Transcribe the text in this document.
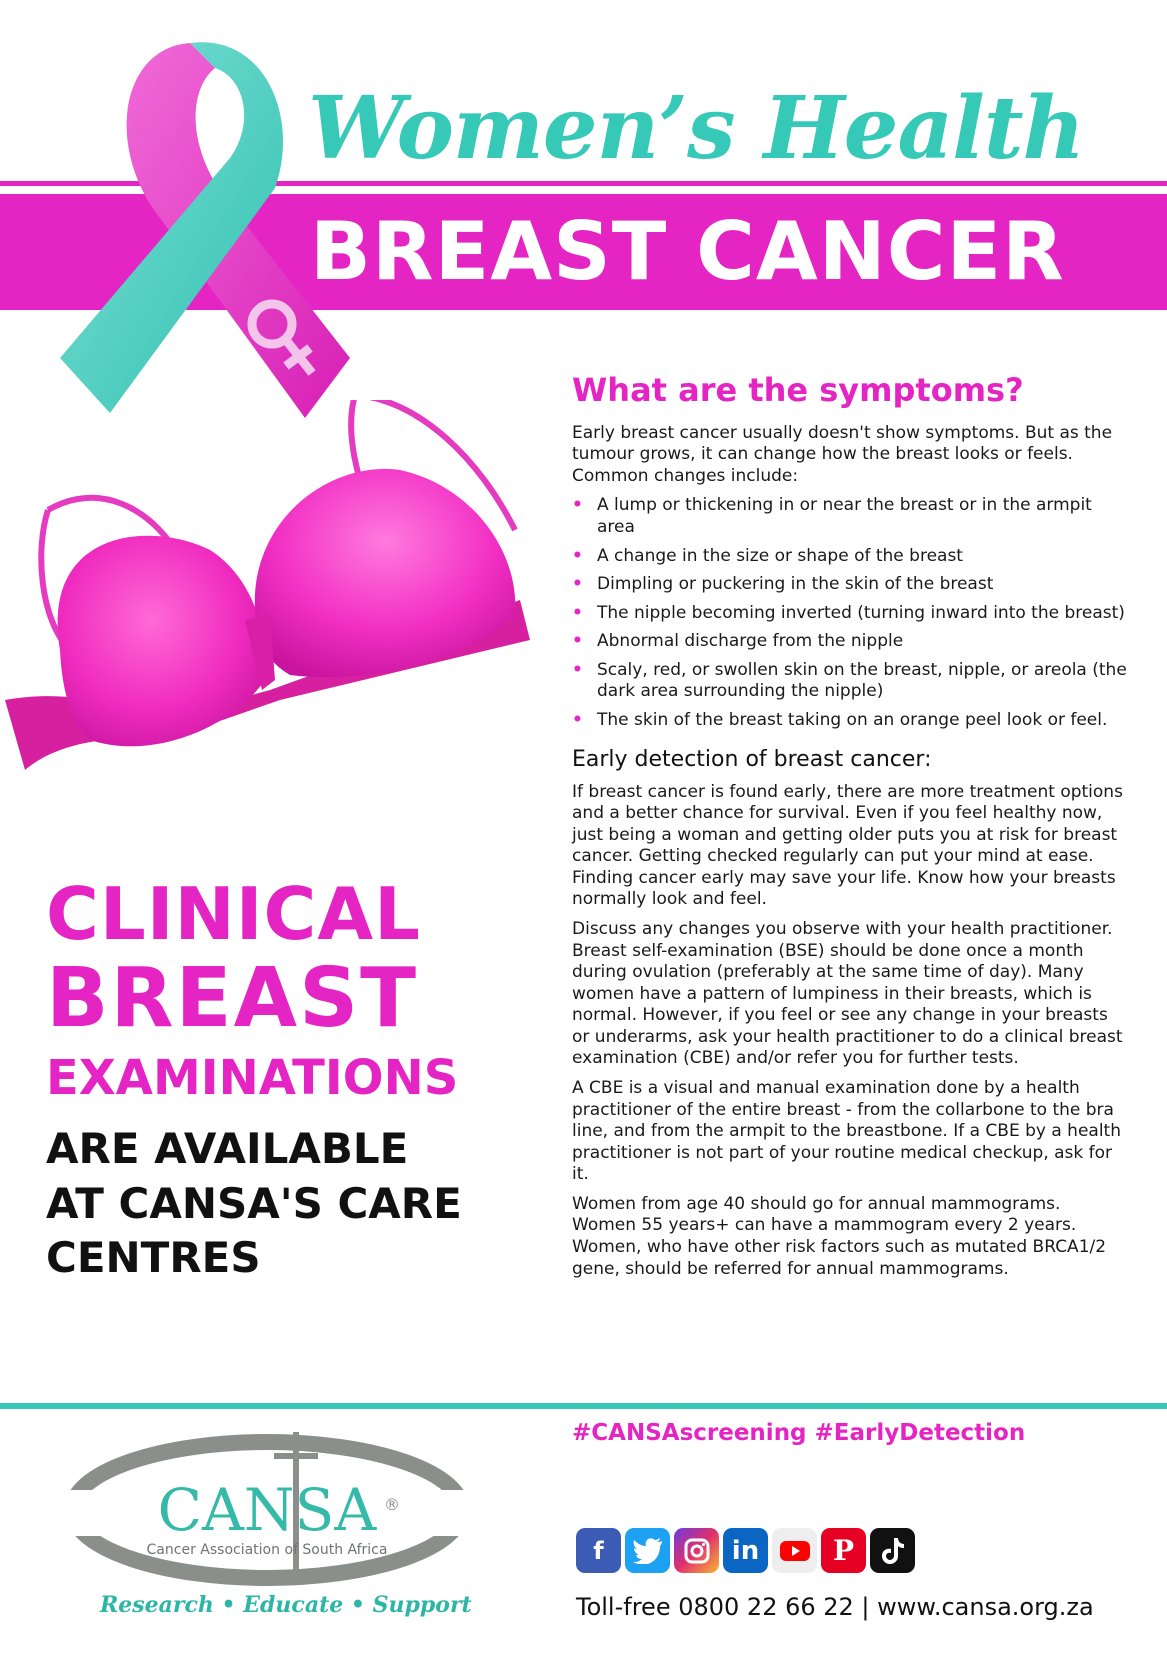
Women’s Health
BREAST CANCER
CLINICAL
BREAST
EXAMINATIONS
ARE AVAILABLE
AT CANSA'S CARE
CENTRES
What are the symptoms?

Early breast cancer usually doesn't show symptoms. But as the tumour grows, it can change how the breast looks or feels. Common changes include:

• A lump or thickening in or near the breast or in the armpit area
• A change in the size or shape of the breast
• Dimpling or puckering in the skin of the breast
• The nipple becoming inverted (turning inward into the breast)
• Abnormal discharge from the nipple
• Scaly, red, or swollen skin on the breast, nipple, or areola (the dark area surrounding the nipple)
• The skin of the breast taking on an orange peel look or feel.
Early detection of breast cancer:

If breast cancer is found early, there are more treatment options and a better chance for survival. Even if you feel healthy now, just being a woman and getting older puts you at risk for breast cancer. Getting checked regularly can put your mind at ease. Finding cancer early may save your life. Know how your breasts normally look and feel.

Discuss any changes you observe with your health practitioner. Breast self-examination (BSE) should be done once a month during ovulation (preferably at the same time of day). Many women have a pattern of lumpiness in their breasts, which is normal. However, if you feel or see any change in your breasts or underarms, ask your health practitioner to do a clinical breast examination (CBE) and/or refer you for further tests.

A CBE is a visual and manual examination done by a health practitioner of the entire breast - from the collarbone to the bra line, and from the armpit to the breastbone. If a CBE by a health practitioner is not part of your routine medical checkup, ask for it.

Women from age 40 should go for annual mammograms. Women 55 years+ can have a mammogram every 2 years. Women, who have other risk factors such as mutated BRCA1/2 gene, should be referred for annual mammograms.

#CANSAscreening #EarlyDetection
CANSA ®
Cancer Association of South Africa
Research • Educate • Support
f	in	P
Toll-free 0800 22 66 22 | www.cansa.org.za
